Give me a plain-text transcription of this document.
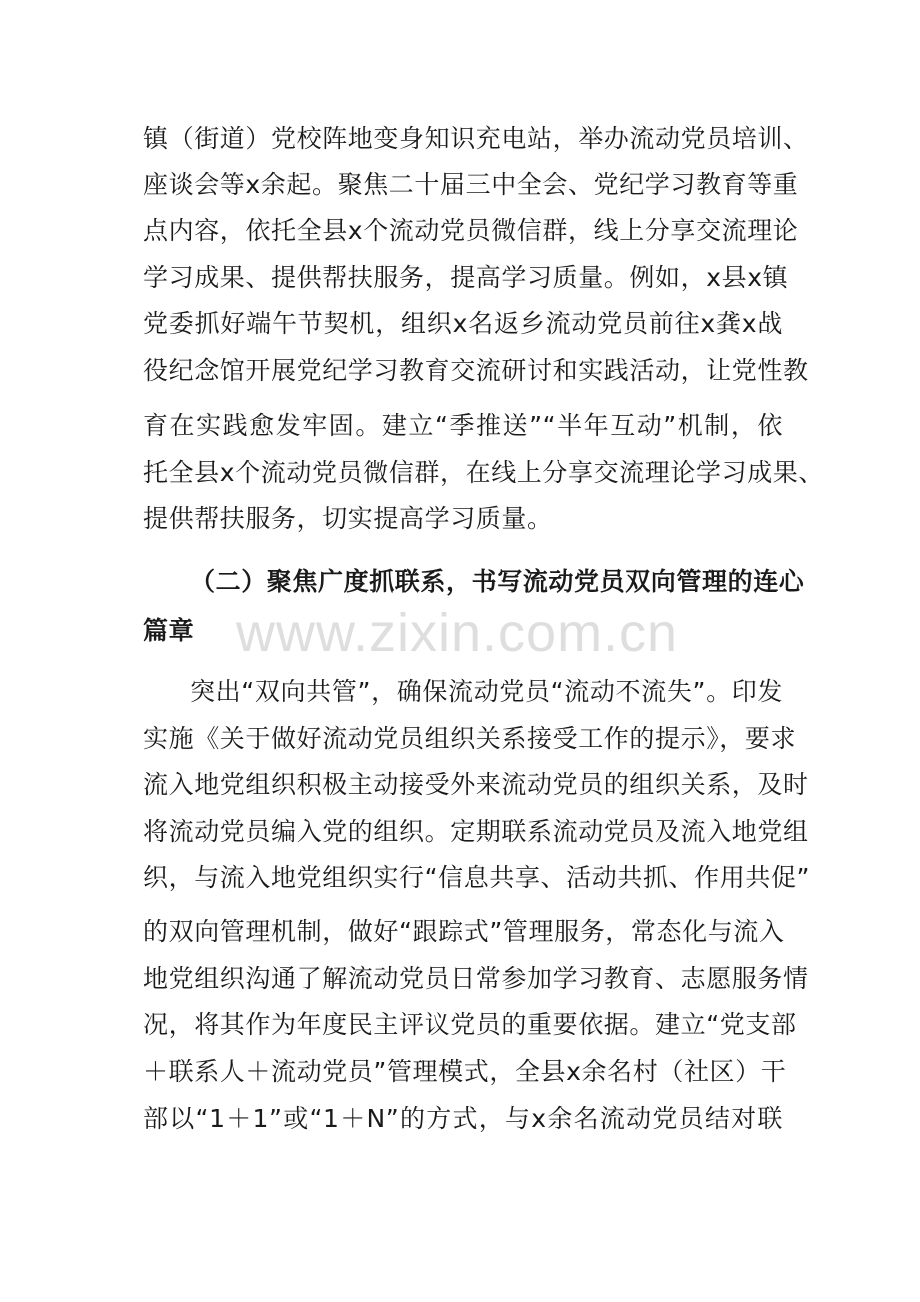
镇（街道）党校阵地变身知识充电站，举办流动党员培训、
座谈会等x余起。聚焦二十届三中全会、党纪学习教育等重
点内容，依托全县x个流动党员微信群，线上分享交流理论
学习成果、提供帮扶服务，提高学习质量。例如，x县x镇
党委抓好端午节契机，组织x名返乡流动党员前往x龚x战
役纪念馆开展党纪学习教育交流研讨和实践活动，让党性教
育在实践愈发牢固。建立“季推送”“半年互动”机制，依
托全县x个流动党员微信群，在线上分享交流理论学习成果、
提供帮扶服务，切实提高学习质量。
（二）聚焦广度抓联系，书写流动党员双向管理的连心
篇章 www.zixin.com.cn
突出“双向共管”，确保流动党员“流动不流失”。印发
实施《关于做好流动党员组织关系接受工作的提示》，要求
流入地党组织积极主动接受外来流动党员的组织关系，及时
将流动党员编入党的组织。定期联系流动党员及流入地党组
织，与流入地党组织实行“信息共享、活动共抓、作用共促”
的双向管理机制，做好“跟踪式”管理服务，常态化与流入
地党组织沟通了解流动党员日常参加学习教育、志愿服务情
况，将其作为年度民主评议党员的重要依据。建立“党支部
＋联系人＋流动党员”管理模式，全县x余名村（社区）干
部以“1＋1”或“1＋N”的方式，与x余名流动党员结对联
